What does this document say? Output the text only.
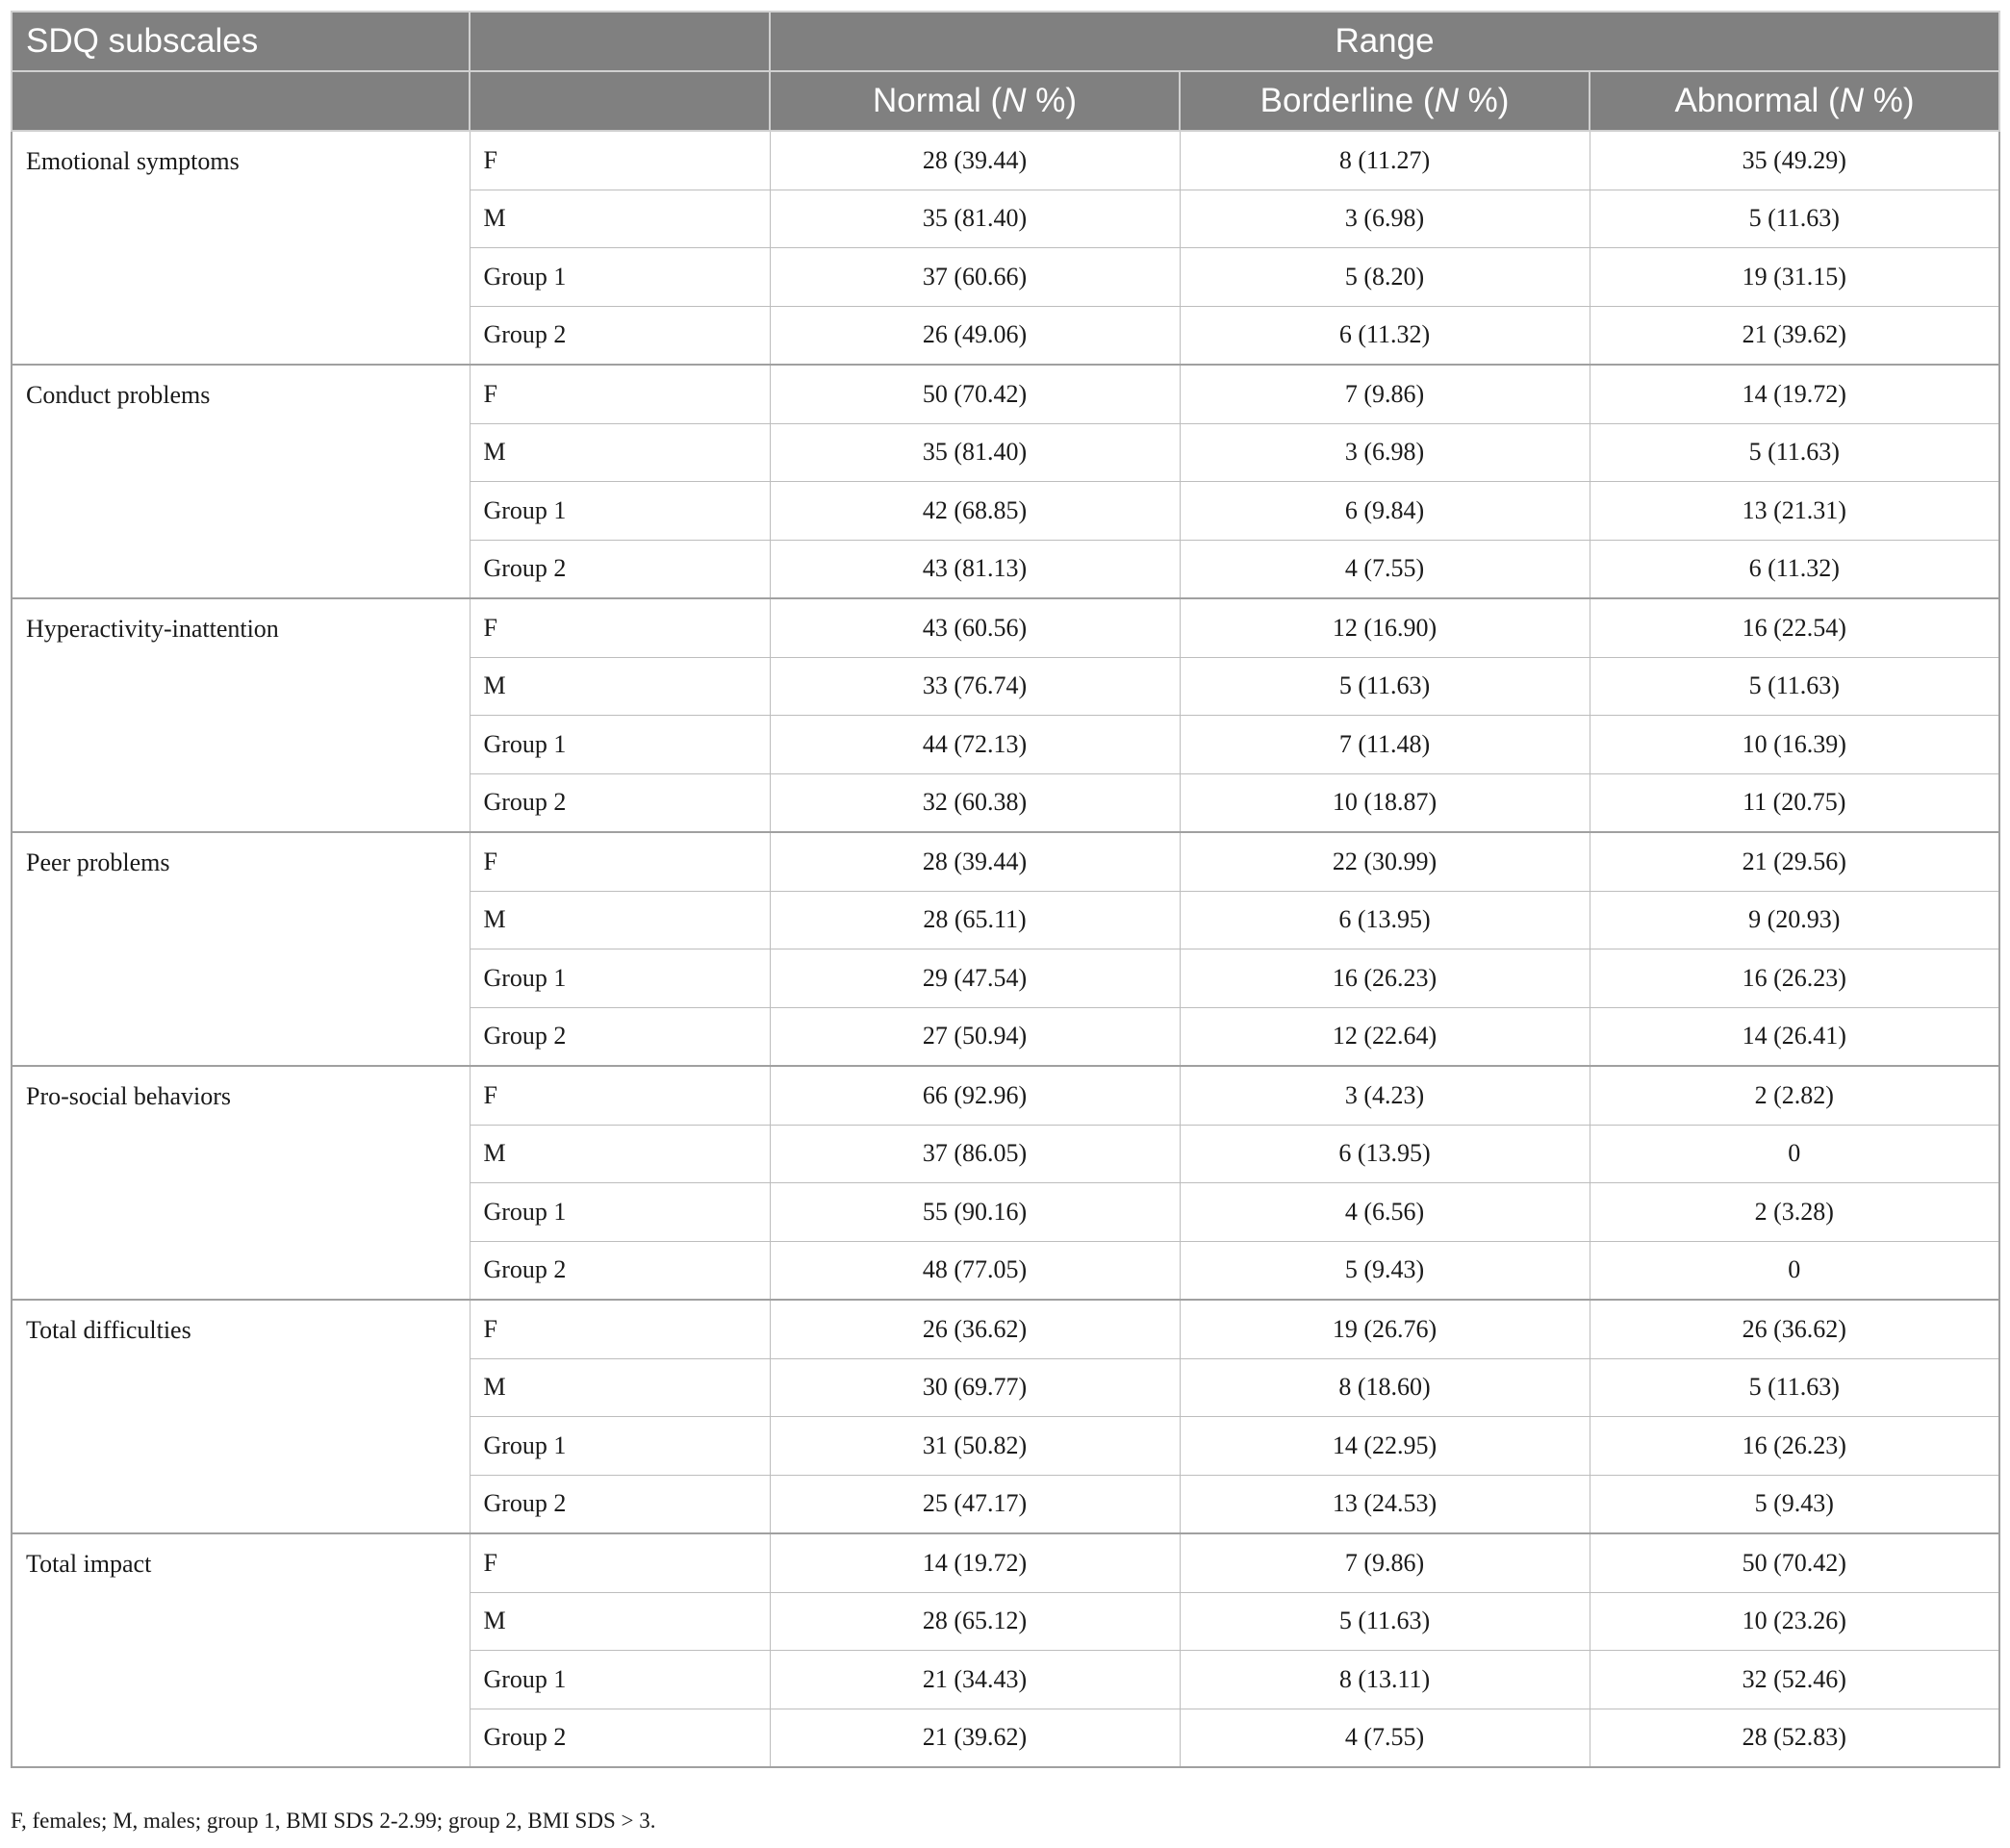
SDQ subscales		Range		
		Normal (N %)	Borderline (N %)	Abnormal (N %)
Emotional symptoms	F	28 (39.44)	8 (11.27)	35 (49.29)
	M	35 (81.40)	3 (6.98)	5 (11.63)
	Group 1	37 (60.66)	5 (8.20)	19 (31.15)
	Group 2	26 (49.06)	6 (11.32)	21 (39.62)
Conduct problems	F	50 (70.42)	7 (9.86)	14 (19.72)
	M	35 (81.40)	3 (6.98)	5 (11.63)
	Group 1	42 (68.85)	6 (9.84)	13 (21.31)
	Group 2	43 (81.13)	4 (7.55)	6 (11.32)
Hyperactivity-inattention	F	43 (60.56)	12 (16.90)	16 (22.54)
	M	33 (76.74)	5 (11.63)	5 (11.63)
	Group 1	44 (72.13)	7 (11.48)	10 (16.39)
	Group 2	32 (60.38)	10 (18.87)	11 (20.75)
Peer problems	F	28 (39.44)	22 (30.99)	21 (29.56)
	M	28 (65.11)	6 (13.95)	9 (20.93)
	Group 1	29 (47.54)	16 (26.23)	16 (26.23)
	Group 2	27 (50.94)	12 (22.64)	14 (26.41)
Pro-social behaviors	F	66 (92.96)	3 (4.23)	2 (2.82)
	M	37 (86.05)	6 (13.95)	0
	Group 1	55 (90.16)	4 (6.56)	2 (3.28)
	Group 2	48 (77.05)	5 (9.43)	0
Total difficulties	F	26 (36.62)	19 (26.76)	26 (36.62)
	M	30 (69.77)	8 (18.60)	5 (11.63)
	Group 1	31 (50.82)	14 (22.95)	16 (26.23)
	Group 2	25 (47.17)	13 (24.53)	5 (9.43)
Total impact	F	14 (19.72)	7 (9.86)	50 (70.42)
	M	28 (65.12)	5 (11.63)	10 (23.26)
	Group 1	21 (34.43)	8 (13.11)	32 (52.46)
	Group 2	21 (39.62)	4 (7.55)	28 (52.83)
F, females; M, males; group 1, BMI SDS 2-2.99; group 2, BMI SDS > 3.
